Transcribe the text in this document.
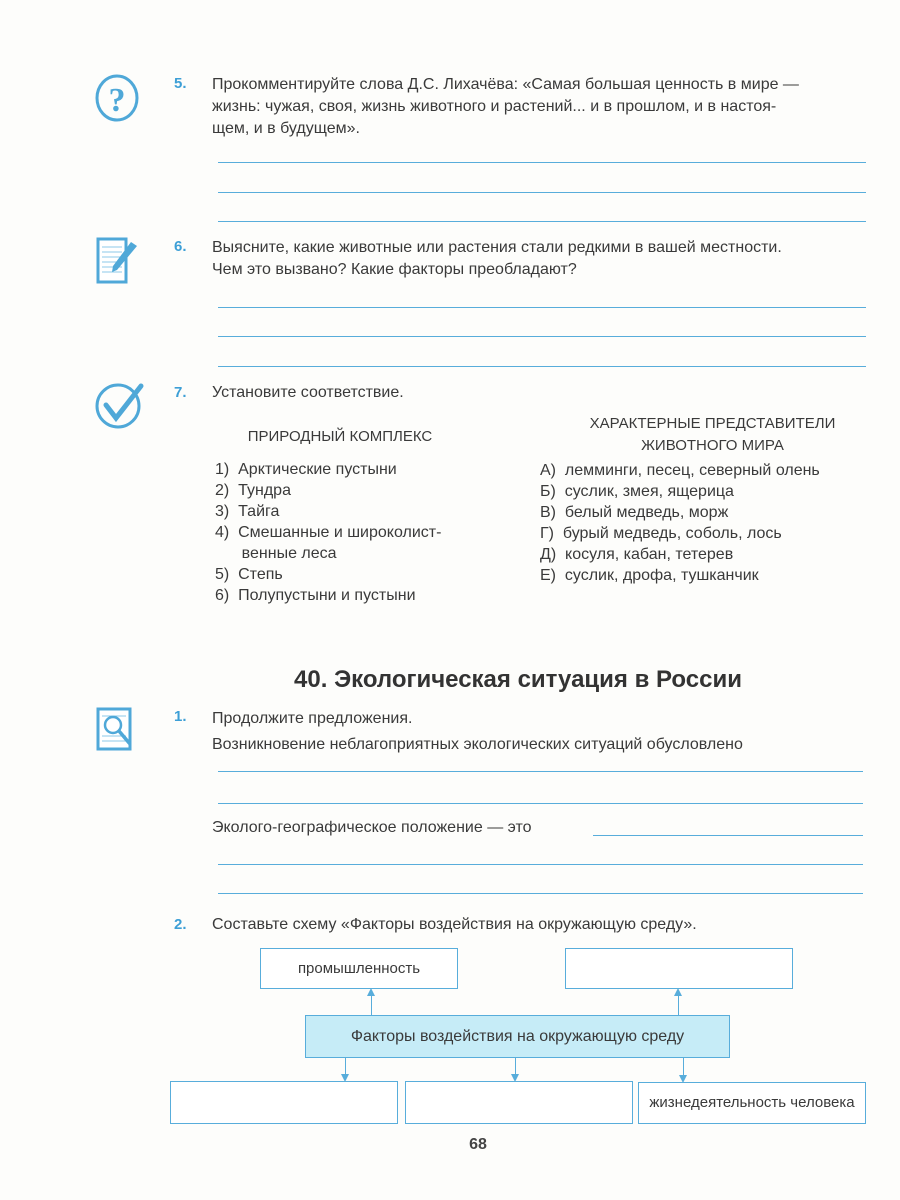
?	5. Прокомментируйте слова Д.С. Лихачёва: «Самая большая ценность в мире —
жизнь: чужая, своя, жизнь животного и растений... и в прошлом, и в настоя-
щем, и в будущем».
6. Выясните, какие животные или растения стали редкими в вашей местности.
Чем это вызвано? Какие факторы преобладают?
7. Установите соответствие.
ПРИРОДНЫЙ КОМПЛЕКС
ХАРАКТЕРНЫЕ ПРЕДСТАВИТЕЛИ
ЖИВОТНОГО МИРА
1)  Арктические пустыни
2)  Тундра
3)  Тайга
4)  Смешанные и широколист-
венные леса
5)  Степь
6)  Полупустыни и пустыни
А)  лемминги, песец, северный олень
Б)  суслик, змея, ящерица
В)  белый медведь, морж
Г)  бурый медведь, соболь, лось
Д)  косуля, кабан, тетерев
Е)  суслик, дрофа, тушканчик
40. Экологическая ситуация в России
1. Продолжите предложения.
Возникновение неблагоприятных экологических ситуаций обусловлено
Эколого-географическое положение — это
2. Составьте схему «Факторы воздействия на окружающую среду».
промышленность
Факторы воздействия на окружающую среду
жизнедеятельность человека
68
